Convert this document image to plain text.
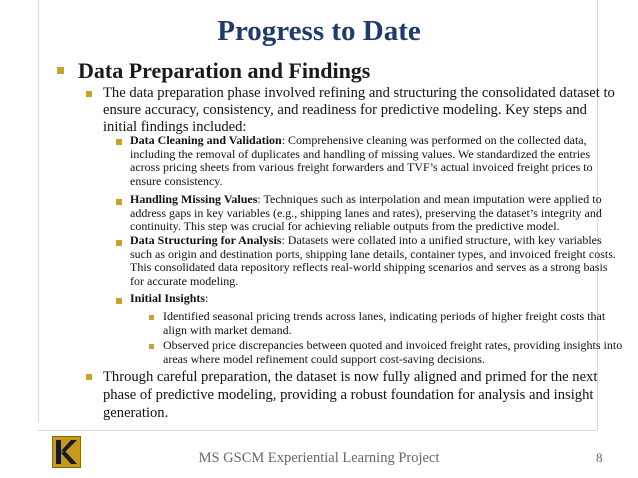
Progress to Date
Data Preparation and Findings
The data preparation phase involved refining and structuring the consolidated dataset to ensure accuracy, consistency, and readiness for predictive modeling. Key steps and initial findings included:
Data Cleaning and Validation: Comprehensive cleaning was performed on the collected data, including the removal of duplicates and handling of missing values. We standardized the entries across pricing sheets from various freight forwarders and TVF’s actual invoiced freight prices to ensure consistency.
Handling Missing Values: Techniques such as interpolation and mean imputation were applied to address gaps in key variables (e.g., shipping lanes and rates), preserving the dataset’s integrity and continuity. This step was crucial for achieving reliable outputs from the predictive model.
Data Structuring for Analysis: Datasets were collated into a unified structure, with key variables such as origin and destination ports, shipping lane details, container types, and invoiced freight costs. This consolidated data repository reflects real-world shipping scenarios and serves as a strong basis for accurate modeling.
Initial Insights:
Identified seasonal pricing trends across lanes, indicating periods of higher freight costs that align with market demand.
Observed price discrepancies between quoted and invoiced freight rates, providing insights into areas where model refinement could support cost-saving decisions.
Through careful preparation, the dataset is now fully aligned and primed for the next phase of predictive modeling, providing a robust foundation for analysis and insight generation.
MS GSCM Experiential Learning Project	8
